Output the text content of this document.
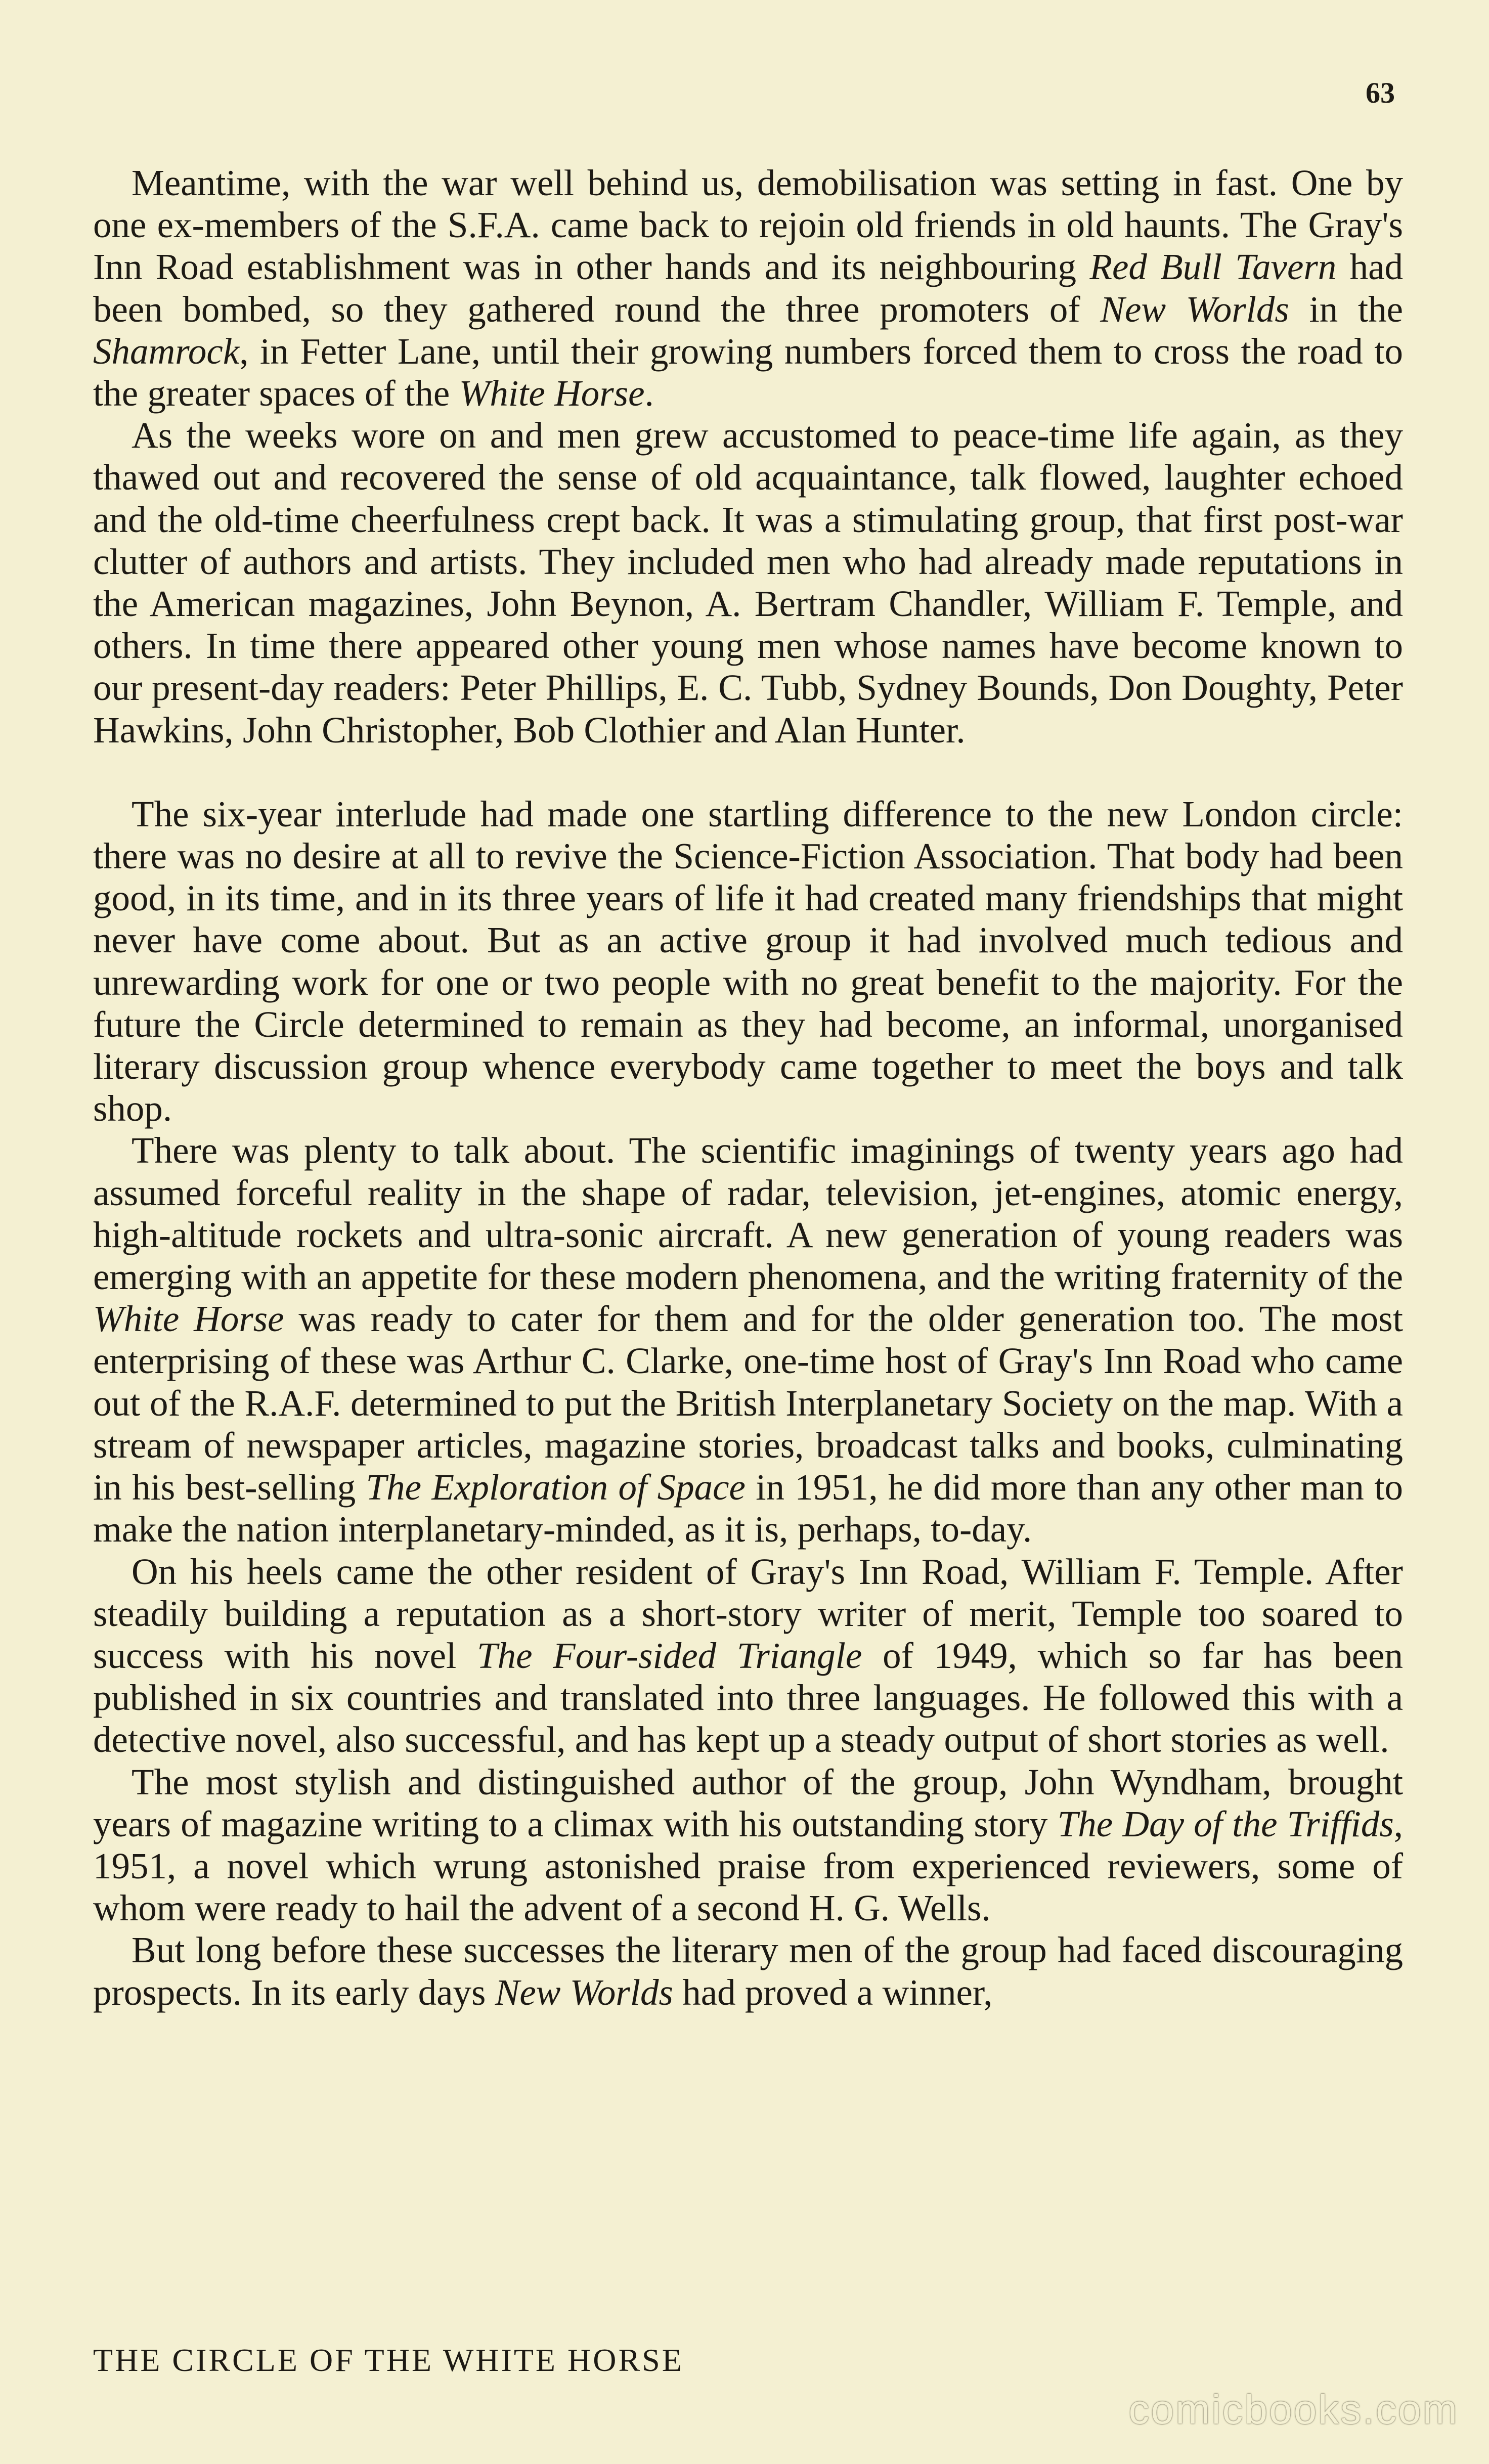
63

Meantime, with the war well behind us, demobilisation was setting in fast. One by one ex-members of the S.F.A. came back to rejoin old friends in old haunts. The Gray's Inn Road establishment was in other hands and its neighbouring Red Bull Tavern had been bombed, so they gathered round the three promoters of New Worlds in the Shamrock, in Fetter Lane, until their growing numbers forced them to cross the road to the greater spaces of the White Horse.

As the weeks wore on and men grew accustomed to peace-time life again, as they thawed out and recovered the sense of old acquaintance, talk flowed, laughter echoed and the old-time cheerfulness crept back. It was a stimulating group, that first post-war clutter of authors and artists. They included men who had already made reputations in the American magazines, John Beynon, A. Bertram Chandler, William F. Temple, and others. In time there appeared other young men whose names have become known to our present-day readers: Peter Phillips, E. C. Tubb, Sydney Bounds, Don Doughty, Peter Hawkins, John Christopher, Bob Clothier and Alan Hunter.

The six-year interlude had made one startling difference to the new London circle: there was no desire at all to revive the Science-Fiction Association. That body had been good, in its time, and in its three years of life it had created many friendships that might never have come about. But as an active group it had involved much tedious and unrewarding work for one or two people with no great benefit to the majority. For the future the Circle determined to remain as they had become, an informal, unorganised literary discussion group whence everybody came together to meet the boys and talk shop.

There was plenty to talk about. The scientific imaginings of twenty years ago had assumed forceful reality in the shape of radar, television, jet-engines, atomic energy, high-altitude rockets and ultra-sonic aircraft. A new generation of young readers was emerging with an appetite for these modern phenomena, and the writing fraternity of the White Horse was ready to cater for them and for the older generation too. The most enterprising of these was Arthur C. Clarke, one-time host of Gray's Inn Road who came out of the R.A.F. determined to put the British Interplanetary Society on the map. With a stream of newspaper articles, magazine stories, broadcast talks and books, culminating in his best-selling The Exploration of Space in 1951, he did more than any other man to make the nation interplanetary-minded, as it is, perhaps, to-day.

On his heels came the other resident of Gray's Inn Road, William F. Temple. After steadily building a reputation as a short-story writer of merit, Temple too soared to success with his novel The Four-sided Triangle of 1949, which so far has been published in six countries and translated into three languages. He followed this with a detective novel, also successful, and has kept up a steady output of short stories as well.

The most stylish and distinguished author of the group, John Wyndham, brought years of magazine writing to a climax with his outstanding story The Day of the Triffids, 1951, a novel which wrung astonished praise from experienced reviewers, some of whom were ready to hail the advent of a second H. G. Wells.

But long before these successes the literary men of the group had faced discouraging prospects. In its early days New Worlds had proved a winner,

THE CIRCLE OF THE WHITE HORSE
comicbooks.com
